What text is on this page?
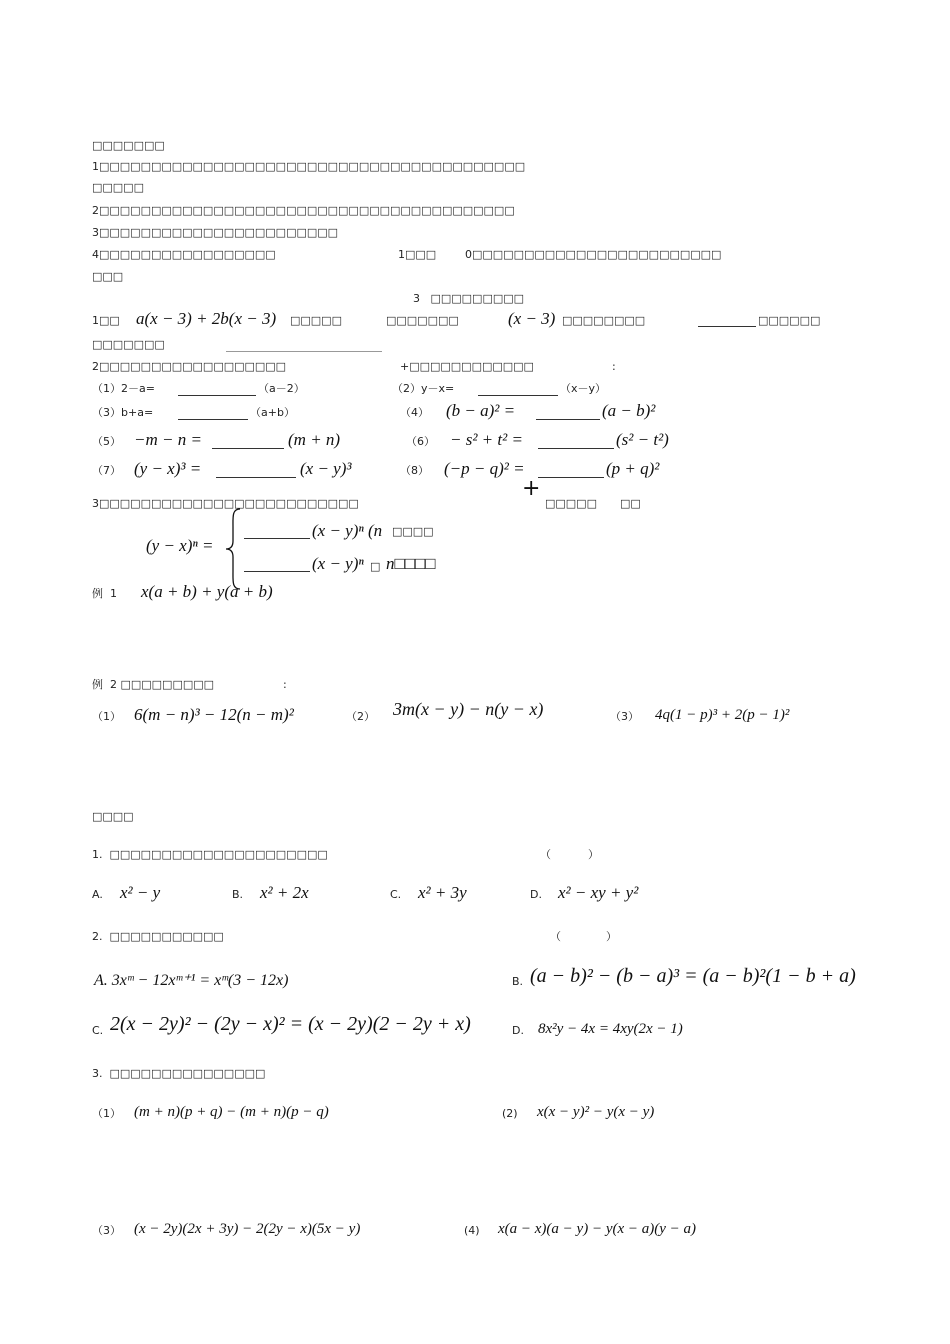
□□□□□□□
1□□□□□□□□□□□□□□□□□□□□□□□□□□□□□□□□□□□□□□□□□
□□□□□
2□□□□□□□□□□□□□□□□□□□□□□□□□□□□□□□□□□□□□□□□
3□□□□□□□□□□□□□□□□□□□□□□□
4□□□□□□□□□□□□□□□□□	1□□□	0□□□□□□□□□□□□□□□□□□□□□□□□
□□□
3   □□□□□□□□□
1□□ a(x − 3) + 2b(x − 3) □□□□□	□□□□□□□	(x − 3) □□□□□□□□	□□□□□□
□□□□□□□
2□□□□□□□□□□□□□□□□□□	+□□□□□□□□□□□□	:
（1）2－a=	（a－2）	（2）y－x=	（x－y）
（3）b+a=	（a+b）	（4） (b − a)² =	(a − b)²
（5） −m − n =	(m + n)	（6） − s² + t² =	(s² − t²)
（7） (y − x)³ =	(x − y)³	（8） (−p − q)² =	(p + q)²
+
3□□□□□□□□□□□□□□□□□□□□□□□□□	□□□□□ □□
(y − x)ⁿ =
(x − y)ⁿ (n □□□□
(x − y)ⁿ □ n□□□□
例  1 x(a + b) + y(a + b)
例  2 □□□□□□□□□	:
（1） 6(m − n)³ − 12(n − m)²	（2） 3m(x − y) − n(y − x)	（3） 4q(1 − p)³ + 2(p − 1)²
□□□□
1.  □□□□□□□□□□□□□□□□□□□□□	（	）
A. x² − y	B. x² + 2x	C. x² + 3y	D. x² − xy + y²
2.  □□□□□□□□□□□	（	）
A. 3xᵐ − 12xᵐ⁺¹ = xᵐ(3 − 12x)	B. (a − b)² − (b − a)³ = (a − b)²(1 − b + a)
C. 2(x − 2y)² − (2y − x)² = (x − 2y)(2 − 2y + x)	D. 8x²y − 4x = 4xy(2x − 1)
3.  □□□□□□□□□□□□□□□
（1） (m + n)(p + q) − (m + n)(p − q)	(2) x(x − y)² − y(x − y)
（3） (x − 2y)(2x + 3y) − 2(2y − x)(5x − y)	(4) x(a − x)(a − y) − y(x − a)(y − a)
